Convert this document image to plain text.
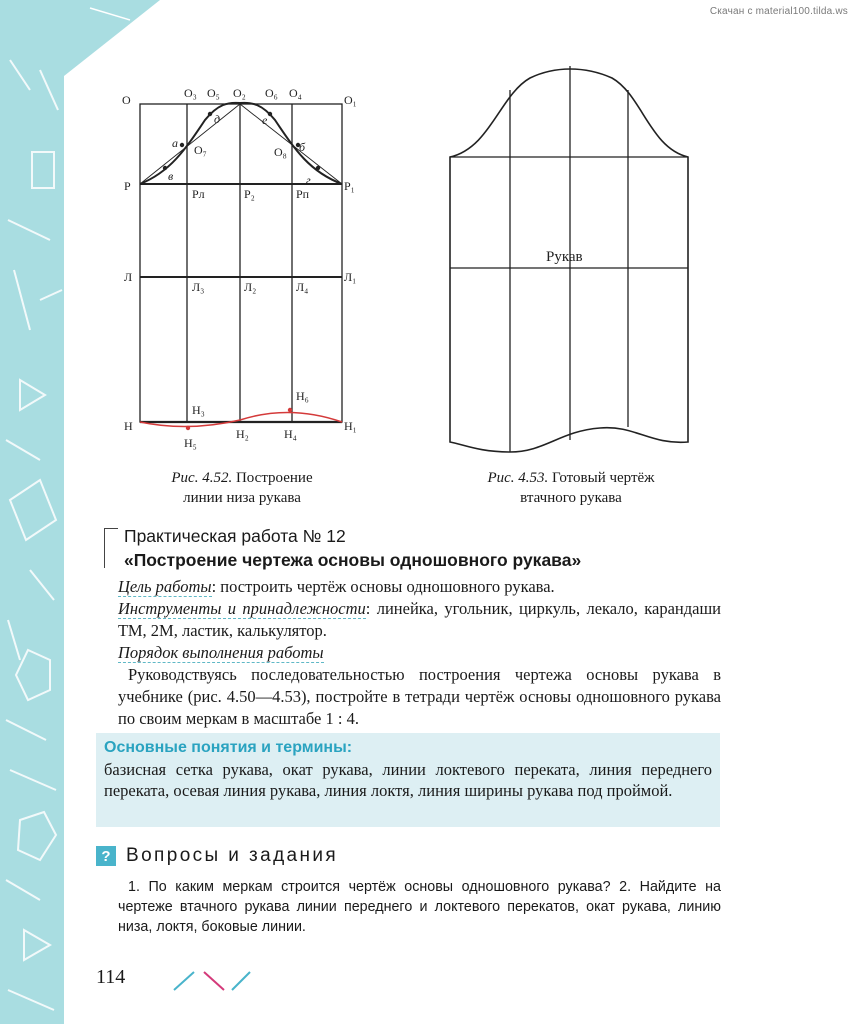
Скачан с material100.tilda.ws
O	O₃ O₅ O₂ O₆ O₄	O₁
д	е
а O₇	O₈ б
в	г
Р
Рл	Р₂	Рп
Р₁
Л
Л₃	Л₂	Л₄
Л₁
Н₃
Н₆
Н
Н₅
Н₂	Н₄
Н₁
Рис. 4.52. Построение
линии низа рукава
Рукав
Рис. 4.53. Готовый чертёж
втачного рукава
Практическая работа № 12
«Построение чертежа основы одношовного рукава»
Цель работы: построить чертёж основы одношовного рукава.
Инструменты и принадлежности: линейка, угольник, циркуль, лекало, карандаши ТМ, 2М, ластик, калькулятор.
Порядок выполнения работы
Руководствуясь последовательностью построения чертежа основы рукава в учебнике (рис. 4.50—4.53), постройте в тетради чертёж основы одношовного рукава по своим меркам в масштабе 1 : 4.
Основные понятия и термины:
базисная сетка рукава, окат рукава, линии локтевого переката, линия переднего переката, осевая линия рукава, линия локтя, линия ширины рукава под проймой.
? Вопросы и задания
1. По каким меркам строится чертёж основы одношовного рукава? 2. Найдите на чертеже втачного рукава линии переднего и локтевого перекатов, окат рукава, линию низа, локтя, боковые линии.
114
